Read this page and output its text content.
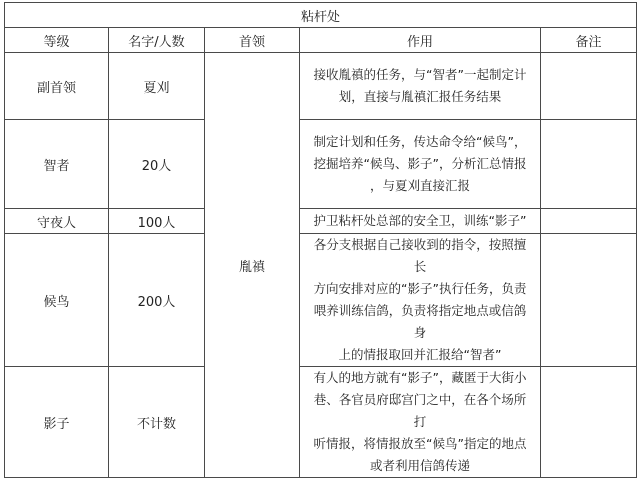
粘杆处				
等级	名字/人数	首领	作用	备注
副首领	夏刈	胤禛	接收胤禛的任务，与“智者”一起制定计
划，直接与胤禛汇报任务结果	

智者	20人		制定计划和任务，传达命令给“候鸟”，
挖掘培养“候鸟、影子”，分析汇总情报
，与夏刈直接汇报	

守夜人	100人		护卫粘杆处总部的安全卫，训练“影子”	

候鸟	200人		各分支根据自己接收到的指令，按照擅长
方向安排对应的“影子”执行任务，负责
喂养训练信鸽，负责将指定地点或信鸽身
上的情报取回并汇报给“智者”	

影子	不计数		有人的地方就有“影子”，藏匿于大街小
巷、各官员府邸宫门之中，在各个场所打
听情报，将情报放至“候鸟”指定的地点
或者利用信鸽传递	
